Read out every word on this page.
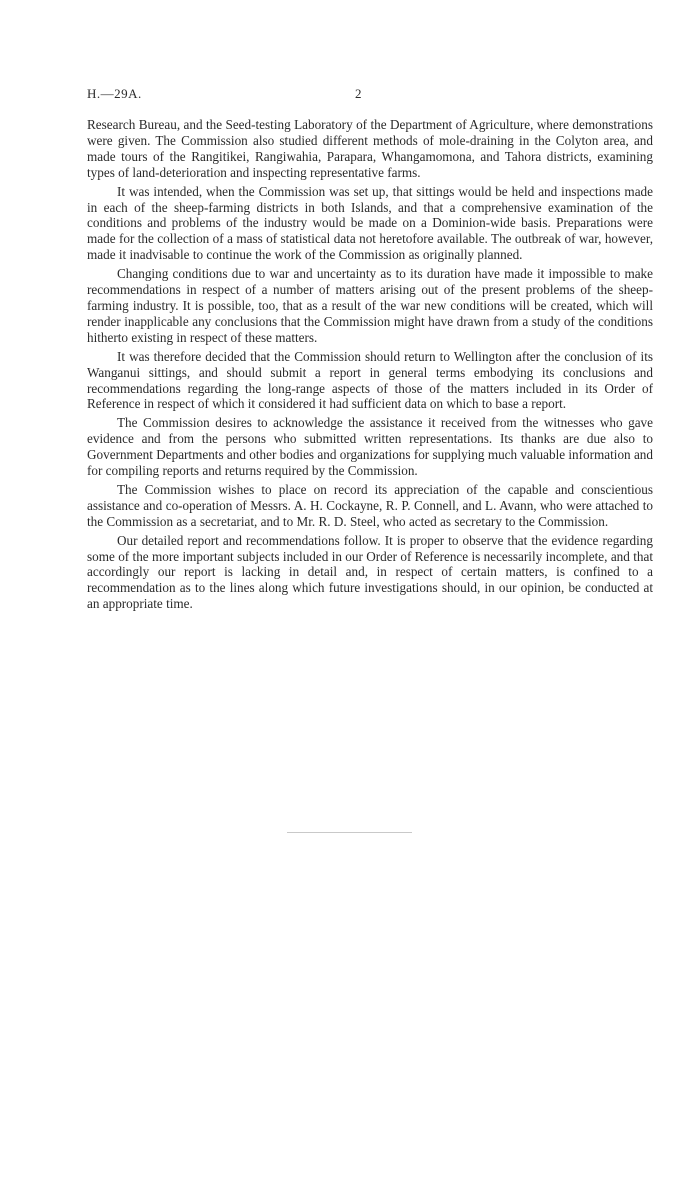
H.—29A.	2

Research Bureau, and the Seed-testing Laboratory of the Department of Agriculture, where demonstrations were given. The Commission also studied different methods of mole-draining in the Colyton area, and made tours of the Rangitikei, Rangiwahia, Parapara, Whangamomona, and Tahora districts, examining types of land-deterioration and inspecting representative farms.

It was intended, when the Commission was set up, that sittings would be held and inspections made in each of the sheep-farming districts in both Islands, and that a comprehensive examination of the conditions and problems of the industry would be made on a Dominion-wide basis. Preparations were made for the collection of a mass of statistical data not heretofore available. The outbreak of war, however, made it inadvisable to continue the work of the Commission as originally planned.

Changing conditions due to war and uncertainty as to its duration have made it impossible to make recommendations in respect of a number of matters arising out of the present problems of the sheep-farming industry. It is possible, too, that as a result of the war new conditions will be created, which will render inapplicable any conclusions that the Commission might have drawn from a study of the conditions hitherto existing in respect of these matters.

It was therefore decided that the Commission should return to Wellington after the conclusion of its Wanganui sittings, and should submit a report in general terms embodying its conclusions and recommendations regarding the long-range aspects of those of the matters included in its Order of Reference in respect of which it considered it had sufficient data on which to base a report.

The Commission desires to acknowledge the assistance it received from the witnesses who gave evidence and from the persons who submitted written representations. Its thanks are due also to Government Departments and other bodies and organizations for supplying much valuable information and for compiling reports and returns required by the Commission.

The Commission wishes to place on record its appreciation of the capable and conscientious assistance and co-operation of Messrs. A. H. Cockayne, R. P. Connell, and L. Avann, who were attached to the Commission as a secretariat, and to Mr. R. D. Steel, who acted as secretary to the Commission.

Our detailed report and recommendations follow. It is proper to observe that the evidence regarding some of the more important subjects included in our Order of Reference is necessarily incomplete, and that accordingly our report is lacking in detail and, in respect of certain matters, is confined to a recommendation as to the lines along which future investigations should, in our opinion, be conducted at an appropriate time.
